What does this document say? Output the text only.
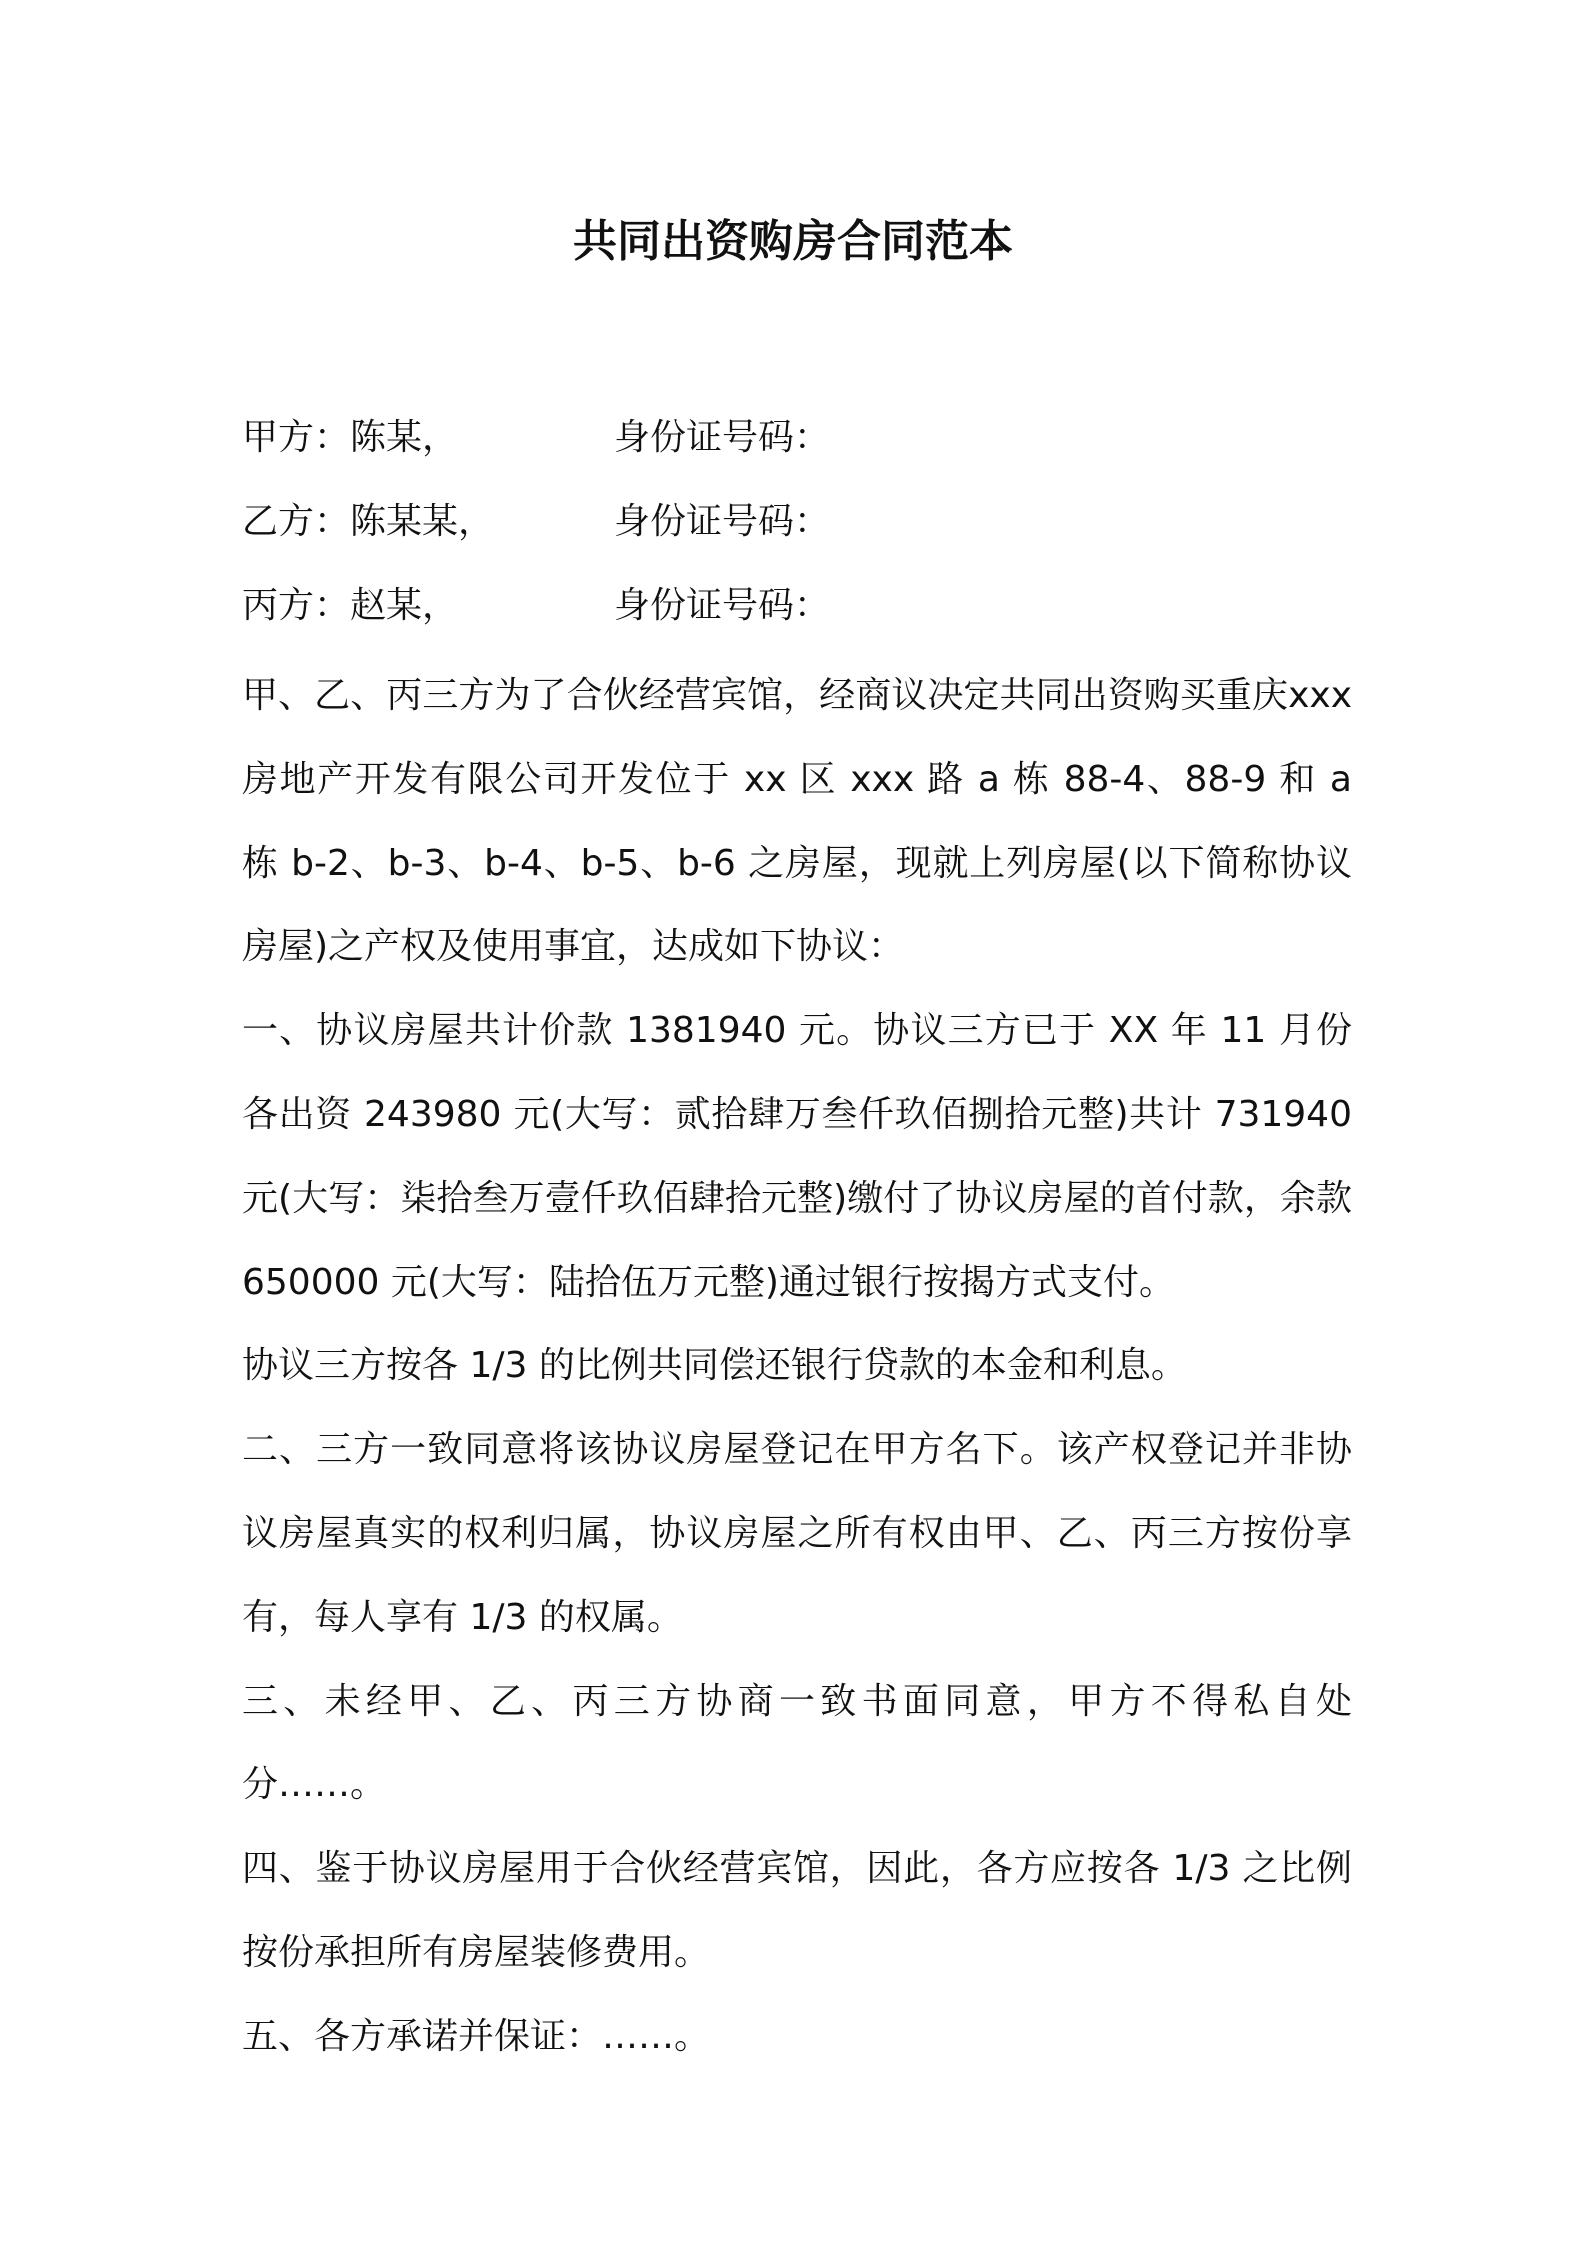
共同出资购房合同范本
甲方：陈某，	身份证号码：
乙方：陈某某，	身份证号码：
丙方：赵某，	身份证号码：

甲、乙、丙三方为了合伙经营宾馆，经商议决定共同出资购买重庆xxx 房地产开发有限公司开发位于 xx 区 xxx 路 a 栋 88-4、88-9 和 a 栋 b-2、b-3、b-4、b-5、b-6 之房屋，现就上列房屋(以下简称协议房屋)之产权及使用事宜，达成如下协议：

一、协议房屋共计价款 1381940 元。协议三方已于 XX 年 11 月份各出资 243980 元(大写：贰拾肆万叁仟玖佰捌拾元整)共计 731940 元(大写：柒拾叁万壹仟玖佰肆拾元整)缴付了协议房屋的首付款，余款 650000 元(大写：陆拾伍万元整)通过银行按揭方式支付。

协议三方按各 1/3 的比例共同偿还银行贷款的本金和利息。

二、三方一致同意将该协议房屋登记在甲方名下。该产权登记并非协议房屋真实的权利归属，协议房屋之所有权由甲、乙、丙三方按份享有，每人享有 1/3 的权属。

三、未经甲、乙、丙三方协商一致书面同意，甲方不得私自处分……。

四、鉴于协议房屋用于合伙经营宾馆，因此，各方应按各 1/3 之比例按份承担所有房屋装修费用。

五、各方承诺并保证：……。
